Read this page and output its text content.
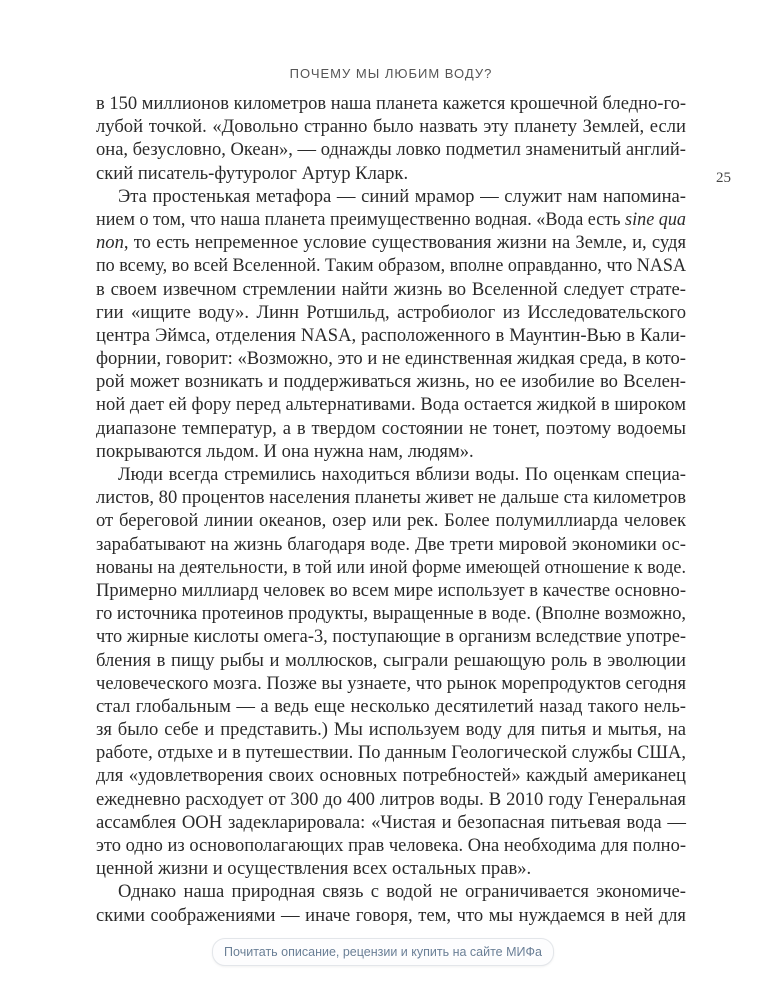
ПОЧЕМУ МЫ ЛЮБИМ ВОДУ?
25
в 150 миллионов километров наша планета кажется крошечной бледно-го-
лубой точкой. «Довольно странно было назвать эту планету Землей, если
она, безусловно, Океан», — однажды ловко подметил знаменитый англий-
ский писатель-футуролог Артур Кларк.
Эта простенькая метафора — синий мрамор — служит нам напомина-
нием о том, что наша планета преимущественно водная. «Вода есть sine qua
non, то есть непременное условие существования жизни на Земле, и, судя
по всему, во всей Вселенной. Таким образом, вполне оправданно, что NASA
в своем извечном стремлении найти жизнь во Вселенной следует страте-
гии «ищите воду». Линн Ротшильд, астробиолог из Исследовательского
центра Эймса, отделения NASA, расположенного в Маунтин-Вью в Кали-
форнии, говорит: «Возможно, это и не единственная жидкая среда, в кото-
рой может возникать и поддерживаться жизнь, но ее изобилие во Вселен-
ной дает ей фору перед альтернативами. Вода остается жидкой в широком
диапазоне температур, а в твердом состоянии не тонет, поэтому водоемы
покрываются льдом. И она нужна нам, людям».
Люди всегда стремились находиться вблизи воды. По оценкам специа-
листов, 80 процентов населения планеты живет не дальше ста километров
от береговой линии океанов, озер или рек. Более полумиллиарда человек
зарабатывают на жизнь благодаря воде. Две трети мировой экономики ос-
нованы на деятельности, в той или иной форме имеющей отношение к воде.
Примерно миллиард человек во всем мире использует в качестве основно-
го источника протеинов продукты, выращенные в воде. (Вполне возможно,
что жирные кислоты омега-3, поступающие в организм вследствие употре-
бления в пищу рыбы и моллюсков, сыграли решающую роль в эволюции
человеческого мозга. Позже вы узнаете, что рынок морепродуктов сегодня
стал глобальным — а ведь еще несколько десятилетий назад такого нель-
зя было себе и представить.) Мы используем воду для питья и мытья, на
работе, отдыхе и в путешествии. По данным Геологической службы США,
для «удовлетворения своих основных потребностей» каждый американец
ежедневно расходует от 300 до 400 литров воды. В 2010 году Генеральная
ассамблея ООН задекларировала: «Чистая и безопасная питьевая вода —
это одно из основополагающих прав человека. Она необходима для полно-
ценной жизни и осуществления всех остальных прав».
Однако наша природная связь с водой не ограничивается экономиче-
скими соображениями — иначе говоря, тем, что мы нуждаемся в ней для
Почитать описание, рецензии и купить на сайте МИФа
